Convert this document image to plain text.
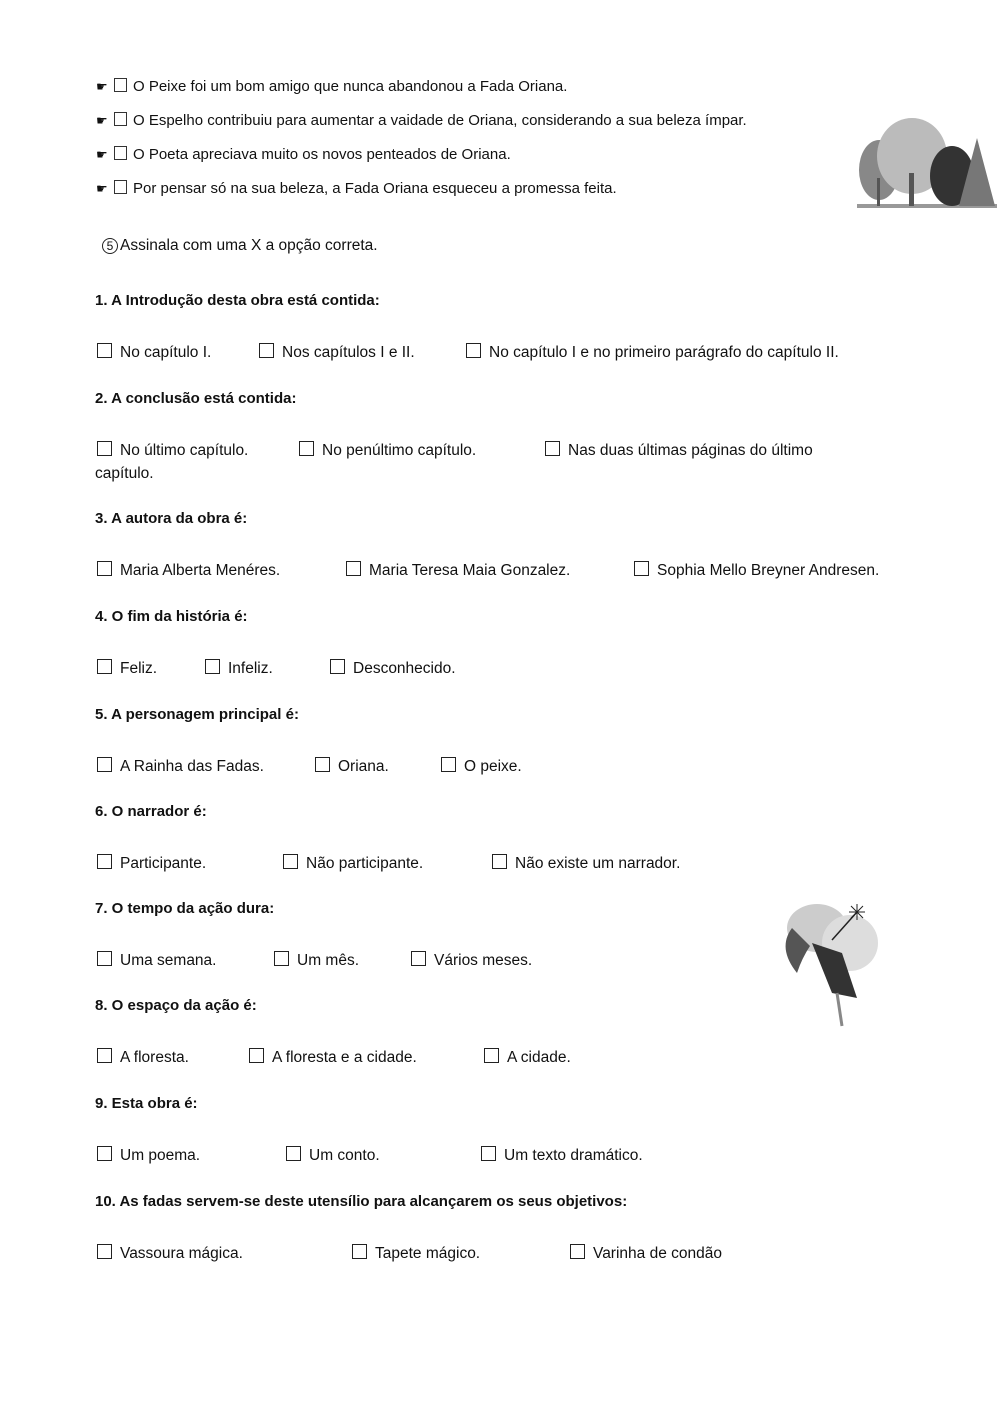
☛ O Peixe foi um bom amigo que nunca abandonou a Fada Oriana.
☛ O Espelho contribuiu para aumentar a vaidade de Oriana, considerando a sua beleza ímpar.
☛ O Poeta apreciava muito os novos penteados de Oriana.
☛ Por pensar só na sua beleza, a Fada Oriana esqueceu a promessa feita.
5 Assinala com uma X a opção correta.
1. A Introdução desta obra está contida:
No capítulo I.	Nos capítulos I e II.	No capítulo I e no primeiro parágrafo do capítulo II.
2. A conclusão está contida:
No último capítulo.	No penúltimo capítulo.	Nas duas últimas páginas do último
capítulo.
3. A autora da obra é:
Maria Alberta Menéres.	Maria Teresa Maia Gonzalez.	Sophia Mello Breyner Andresen.
4. O fim da história é:
Feliz.	Infeliz.	Desconhecido.
5. A personagem principal é:
A Rainha das Fadas.	Oriana.	O peixe.
6. O narrador é:
Participante.	Não participante.	Não existe um narrador.
7. O tempo da ação dura:
Uma semana.	Um mês.	Vários meses.
8. O espaço da ação é:
A floresta.	A floresta e a cidade.	A cidade.
9. Esta obra é:
Um poema.	Um conto.	Um texto dramático.
10. As fadas servem-se deste utensílio para alcançarem os seus objetivos:
Vassoura mágica.	Tapete mágico.	Varinha de condão
